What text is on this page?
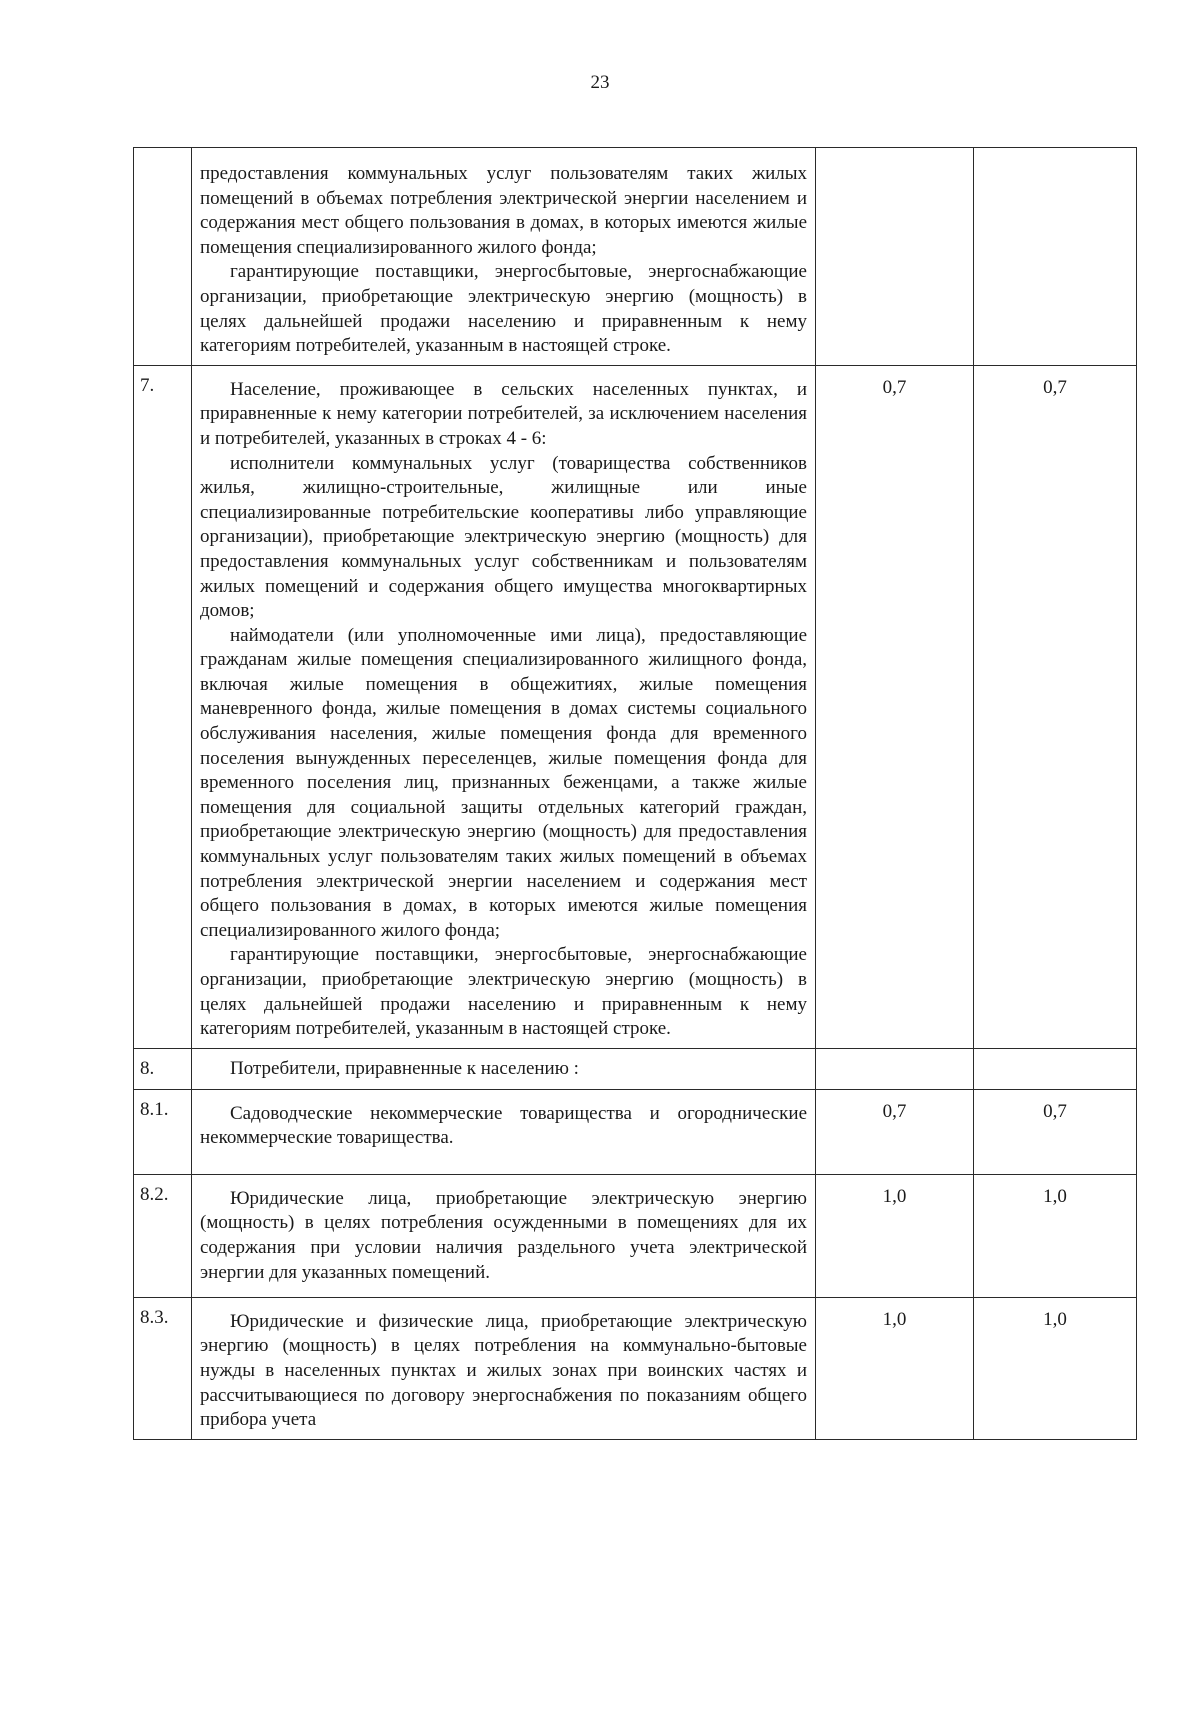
23

	предоставления коммунальных услуг пользователям таких жилых помещений в объемах потребления электрической энергии населением и содержания мест общего пользования в домах, в которых имеются жилые помещения специализированного жилого фонда;

гарантирующие поставщики, энергосбытовые, энергоснабжающие организации, приобретающие электрическую энергию (мощность) в целях дальнейшей продажи населению и приравненным к нему категориям потребителей, указанным в настоящей строке.		

7.	Население, проживающее в сельских населенных пунктах, и приравненные к нему категории потребителей, за исключением населения и потребителей, указанных в строках 4 - 6:

исполнители коммунальных услуг (товарищества собственников жилья, жилищно-строительные, жилищные или иные специализированные потребительские кооперативы либо управляющие организации), приобретающие электрическую энергию (мощность) для предоставления коммунальных услуг собственникам и пользователям жилых помещений и содержания общего имущества многоквартирных домов;

наймодатели (или уполномоченные ими лица), предоставляющие гражданам жилые помещения специализированного жилищного фонда, включая жилые помещения в общежитиях, жилые помещения маневренного фонда, жилые помещения в домах системы социального обслуживания населения, жилые помещения фонда для временного поселения вынужденных переселенцев, жилые помещения фонда для временного поселения лиц, признанных беженцами, а также жилые помещения для социальной защиты отдельных категорий граждан, приобретающие электрическую энергию (мощность) для предоставления коммунальных услуг пользователям таких жилых помещений в объемах потребления электрической энергии населением и содержания мест общего пользования в домах, в которых имеются жилые помещения специализированного жилого фонда;

гарантирующие поставщики, энергосбытовые, энергоснабжающие организации, приобретающие электрическую энергию (мощность) в целях дальнейшей продажи населению и приравненным к нему категориям потребителей, указанным в настоящей строке.	0,7	0,7
8.	Потребители, приравненные к населению :		

8.1.	Садоводческие некоммерческие товарищества и огороднические некоммерческие товарищества.	0,7	0,7
8.2.	Юридические лица, приобретающие электрическую энергию (мощность) в целях потребления осужденными в помещениях для их содержания при условии наличия раздельного учета электрической энергии для указанных помещений.	1,0	1,0
8.3.	Юридические и физические лица, приобретающие электрическую энергию (мощность) в целях потребления на коммунально-бытовые нужды в населенных пунктах и жилых зонах при воинских частях и рассчитывающиеся по договору энергоснабжения по показаниям общего прибора учета	1,0	1,0
